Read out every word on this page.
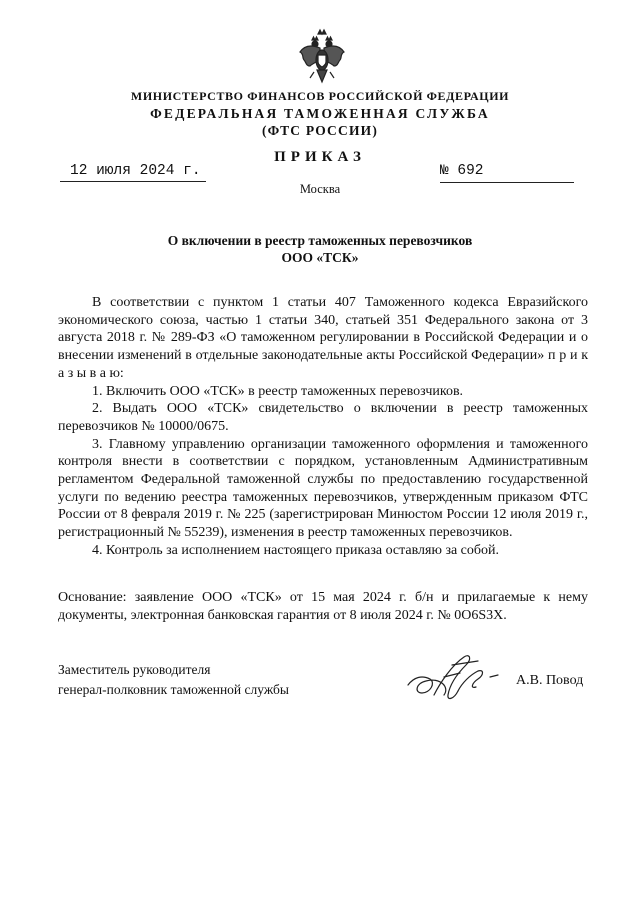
МИНИСТЕРСТВО ФИНАНСОВ РОССИЙСКОЙ ФЕДЕРАЦИИ
ФЕДЕРАЛЬНАЯ ТАМОЖЕННАЯ СЛУЖБА
(ФТС РОССИИ)
ПРИКАЗ
12 июля 2024 г.	№ 692
Москва
О включении в реестр таможенных перевозчиков
ООО «ТСК»

В соответствии с пунктом 1 статьи 407 Таможенного кодекса Евразийского экономического союза, частью 1 статьи 340, статьей 351 Федерального закона от 3 августа 2018 г. № 289-ФЗ «О таможенном регулировании в Российской Федерации и о внесении изменений в отдельные законодательные акты Российской Федерации» п р и к а з ы в а ю:

1. Включить ООО «ТСК» в реестр таможенных перевозчиков.

2. Выдать ООО «ТСК» свидетельство о включении в реестр таможенных перевозчиков № 10000/0675.

3. Главному управлению организации таможенного оформления и таможенного контроля внести в соответствии с порядком, установленным Административным регламентом Федеральной таможенной службы по предоставлению государственной услуги по ведению реестра таможенных перевозчиков, утвержденным приказом ФТС России от 8 февраля 2019 г. № 225 (зарегистрирован Минюстом России 12 июля 2019 г., регистрационный № 55239), изменения в реестр таможенных перевозчиков.

4. Контроль за исполнением настоящего приказа оставляю за собой.

Основание: заявление ООО «ТСК» от 15 мая 2024 г. б/н и прилагаемые к нему документы, электронная банковская гарантия от 8 июля 2024 г. № 0О6S3X.
Заместитель руководителя
генерал-полковник таможенной службы
А.В. Повод
